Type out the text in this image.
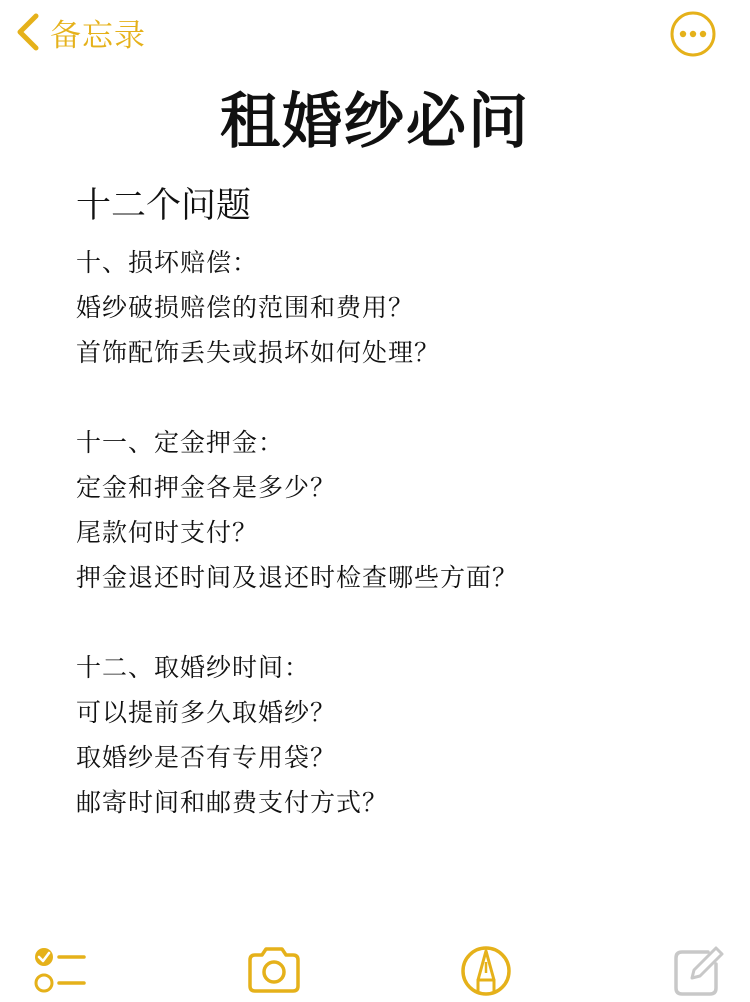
备忘录
租婚纱必问
十二个问题
十、损坏赔偿：
婚纱破损赔偿的范围和费用？
首饰配饰丢失或损坏如何处理？
十一、定金押金：
定金和押金各是多少？
尾款何时支付？
押金退还时间及退还时检查哪些方面？
十二、取婚纱时间：
可以提前多久取婚纱？
取婚纱是否有专用袋？
邮寄时间和邮费支付方式？
